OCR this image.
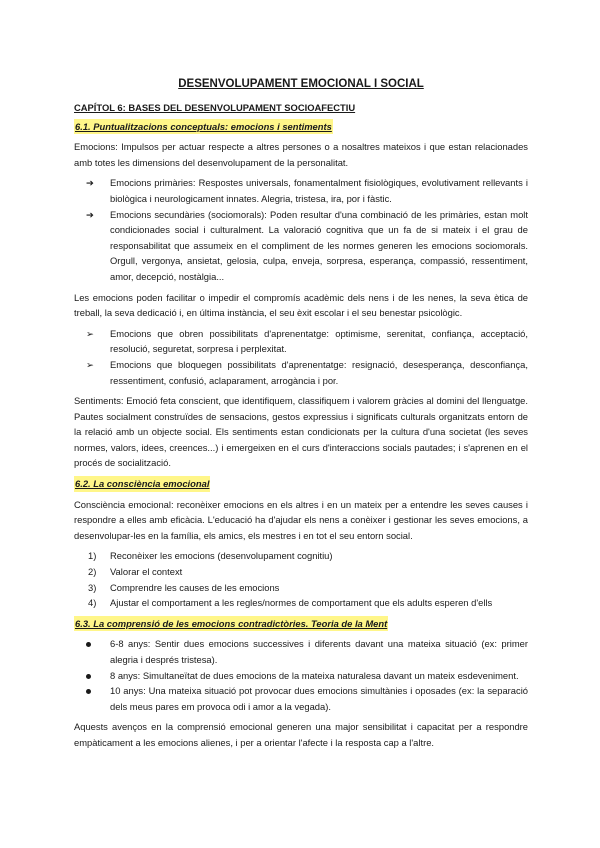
DESENVOLUPAMENT EMOCIONAL I SOCIAL
CAPÍTOL 6: BASES DEL DESENVOLUPAMENT SOCIOAFECTIU
6.1. Puntualitzacions conceptuals: emocions i sentiments

Emocions: Impulsos per actuar respecte a altres persones o a nosaltres mateixos i que estan relacionades amb totes les dimensions del desenvolupament de la personalitat.

➔	Emocions primàries: Respostes universals, fonamentalment fisiològiques, evolutivament rellevants i biològica i neurologicament innates. Alegria, tristesa, ira, por i fàstic.
➔	Emocions secundàries (sociomorals): Poden resultar d'una combinació de les primàries, estan molt condicionades social i culturalment. La valoració cognitiva que un fa de si mateix i el grau de responsabilitat que assumeix en el compliment de les normes generen les emocions sociomorals. Orgull, vergonya, ansietat, gelosia, culpa, enveja, sorpresa, esperança, compassió, ressentiment, amor, decepció, nostàlgia...

Les emocions poden facilitar o impedir el compromís acadèmic dels nens i de les nenes, la seva ètica de treball, la seva dedicació i, en última instància, el seu èxit escolar i el seu benestar psicològic.

➢	Emocions que obren possibilitats d'aprenentatge: optimisme, serenitat, confiança, acceptació, resolució, seguretat, sorpresa i perplexitat.
➢	Emocions que bloquegen possibilitats d'aprenentatge: resignació, desesperança, desconfiança, ressentiment, confusió, aclaparament, arrogància i por.

Sentiments: Emoció feta conscient, que identifiquem, classifiquem i valorem gràcies al domini del llenguatge. Pautes socialment construïdes de sensacions, gestos expressius i significats culturals organitzats entorn de la relació amb un objecte social. Els sentiments estan condicionats per la cultura d'una societat (les seves normes, valors, idees, creences...) i emergeixen en el curs d'interaccions socials pautades; i s'aprenen en el procés de socialització.

6.2. La consciència emocional

Consciència emocional: reconèixer emocions en els altres i en un mateix per a entendre les seves causes i respondre a elles amb eficàcia. L'educació ha d'ajudar els nens a conèixer i gestionar les seves emocions, a desenvolupar-les en la família, els amics, els mestres i en tot el seu entorn social.

1) Reconèixer les emocions (desenvolupament cognitiu)
2) Valorar el context
3) Comprendre les causes de les emocions
4) Ajustar el comportament a les regles/normes de comportament que els adults esperen d'ells
6.3. La comprensió de les emocions contradictòries. Teoria de la Ment
6-8 anys: Sentir dues emocions successives i diferents davant una mateixa situació (ex: primer alegria i després tristesa).
8 anys: Simultaneïtat de dues emocions de la mateixa naturalesa davant un mateix esdeveniment.
10 anys: Una mateixa situació pot provocar dues emocions simultànies i oposades (ex: la separació dels meus pares em provoca odi i amor a la vegada).

Aquests avenços en la comprensió emocional generen una major sensibilitat i capacitat per a respondre empàticament a les emocions alienes, i per a orientar l'afecte i la resposta cap a l'altre.
